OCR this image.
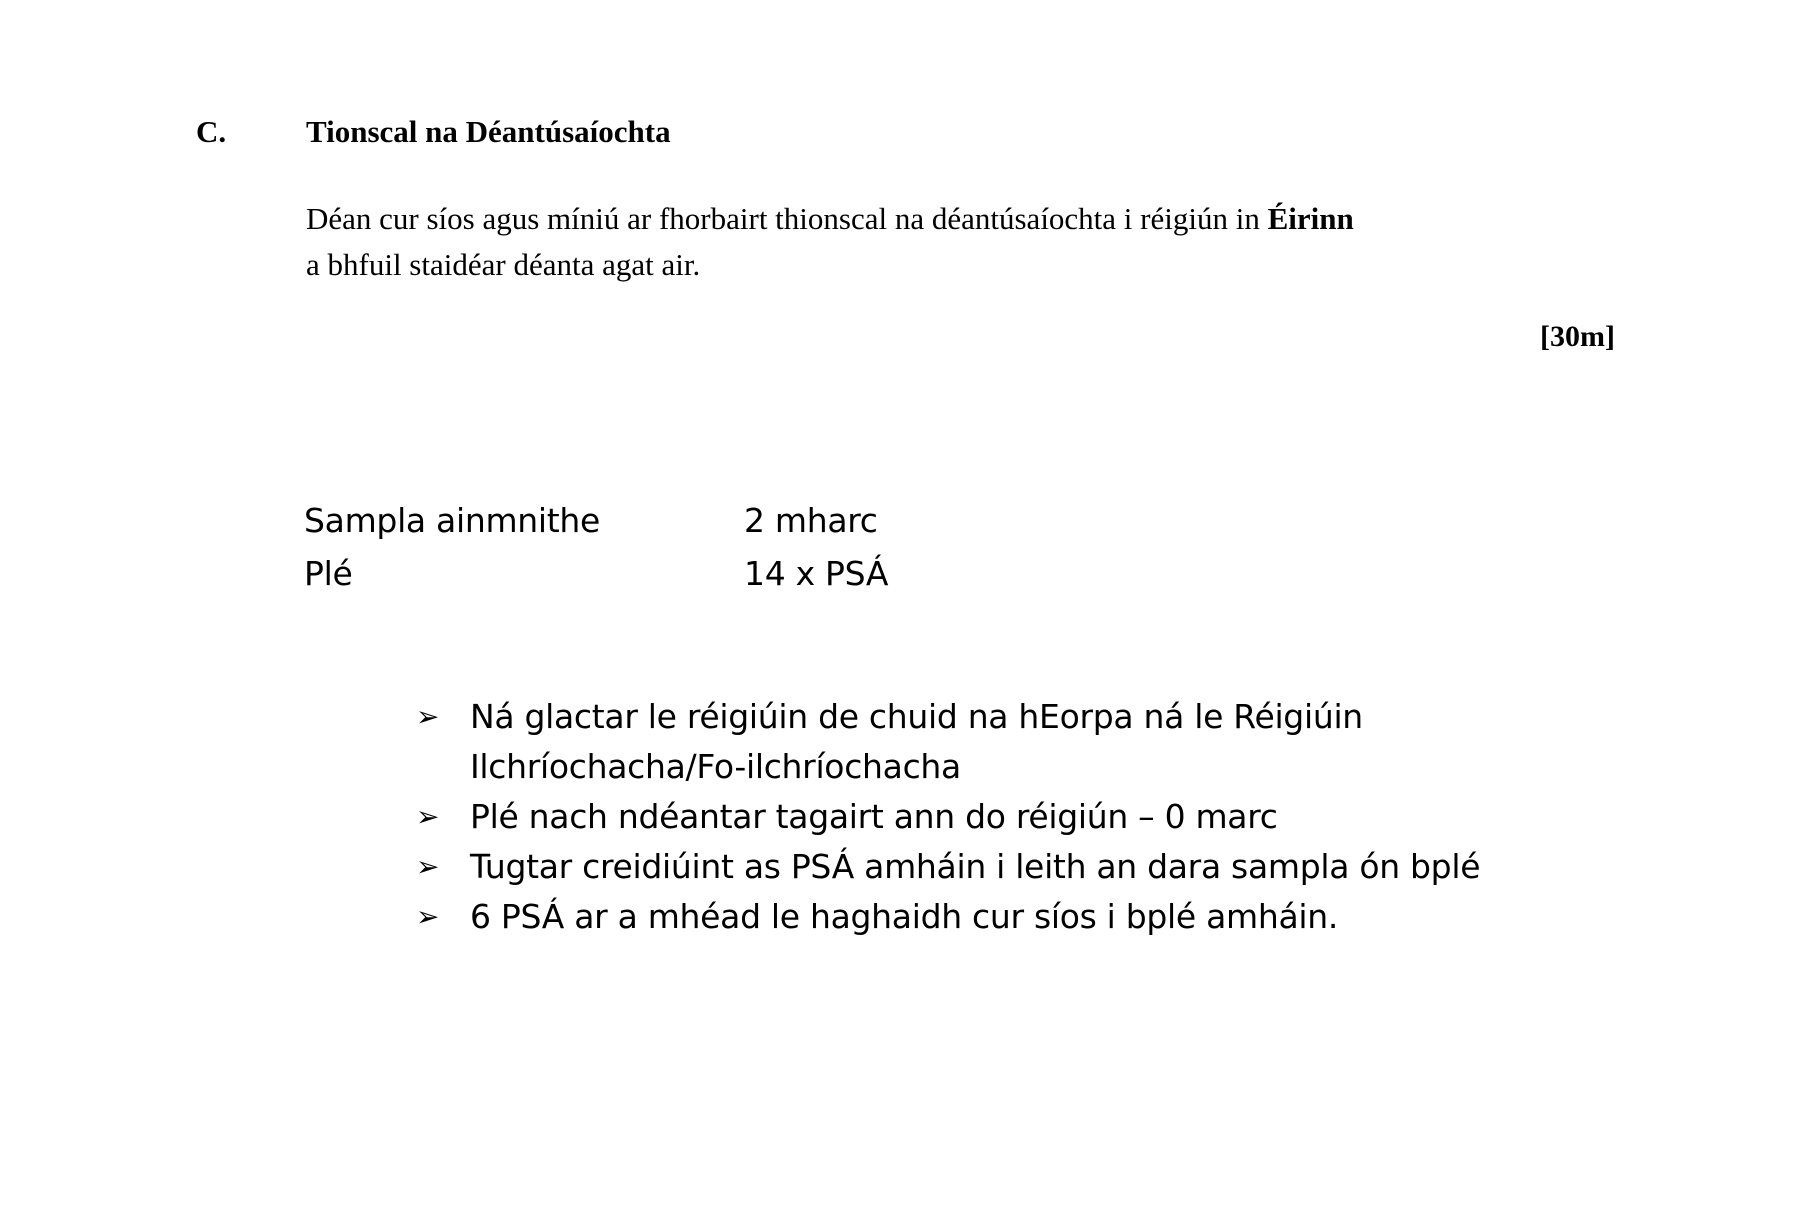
C.	Tionscal na Déantúsaíochta
Déan cur síos agus míniú ar fhorbairt thionscal na déantúsaíochta i réigiún in Éirinn
a bhfuil staidéar déanta agat air.
[30m]
Sampla ainmnithe	2 mharc
Plé	14 x PSÁ
➢ Ná glactar le réigiúin de chuid na hEorpa ná le Réigiúin
Ilchríochacha/Fo-ilchríochacha
➢ Plé nach ndéantar tagairt ann do réigiún – 0 marc
➢ Tugtar creidiúint as PSÁ amháin i leith an dara sampla ón bplé
➢ 6 PSÁ ar a mhéad le haghaidh cur síos i bplé amháin.
